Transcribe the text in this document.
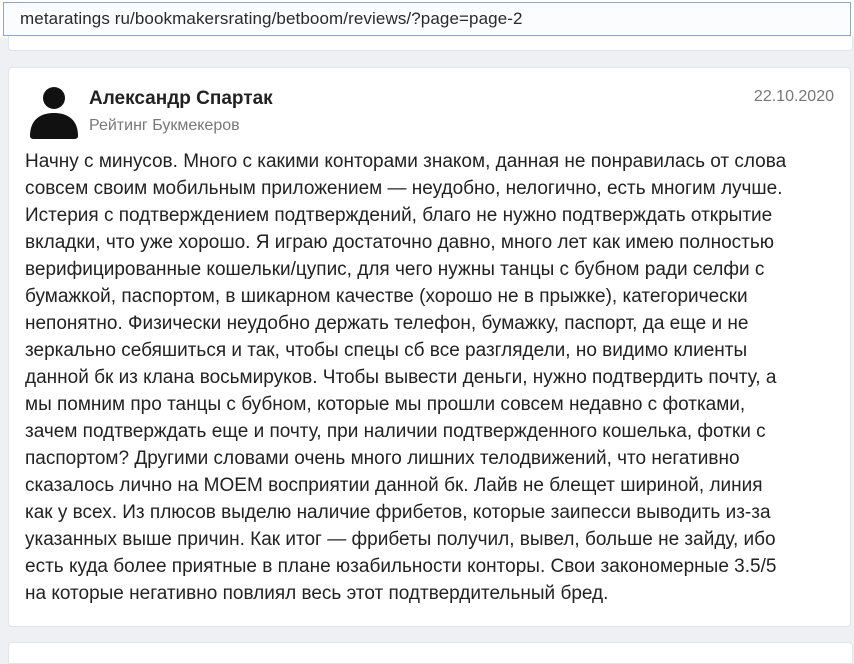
metaratings ru/bookmakersrating/betboom/reviews/?page=page-2
Александр Спартак
Рейтинг Букмекеров
22.10.2020
Начну с минусов. Много с какими конторами знаком, данная не понравилась от слова
совсем своим мобильным приложением — неудобно, нелогично, есть многим лучше.
Истерия с подтверждением подтверждений, благо не нужно подтверждать открытие
вкладки, что уже хорошо. Я играю достаточно давно, много лет как имею полностью
верифицированные кошельки/цупис, для чего нужны танцы с бубном ради селфи с
бумажкой, паспортом, в шикарном качестве (хорошо не в прыжке), категорически
непонятно. Физически неудобно держать телефон, бумажку, паспорт, да еще и не
зеркально себяшиться и так, чтобы спецы сб все разглядели, но видимо клиенты
данной бк из клана восьмируков. Чтобы вывести деньги, нужно подтвердить почту, а
мы помним про танцы с бубном, которые мы прошли совсем недавно с фотками,
зачем подтверждать еще и почту, при наличии подтвержденного кошелька, фотки с
паспортом? Другими словами очень много лишних телодвижений, что негативно
сказалось лично на МОЕМ восприятии данной бк. Лайв не блещет шириной, линия
как у всех. Из плюсов выделю наличие фрибетов, которые заипесси выводить из-за
указанных выше причин. Как итог — фрибеты получил, вывел, больше не зайду, ибо
есть куда более приятные в плане юзабильности конторы. Свои закономерные 3.5/5
на которые негативно повлиял весь этот подтвердительный бред.
